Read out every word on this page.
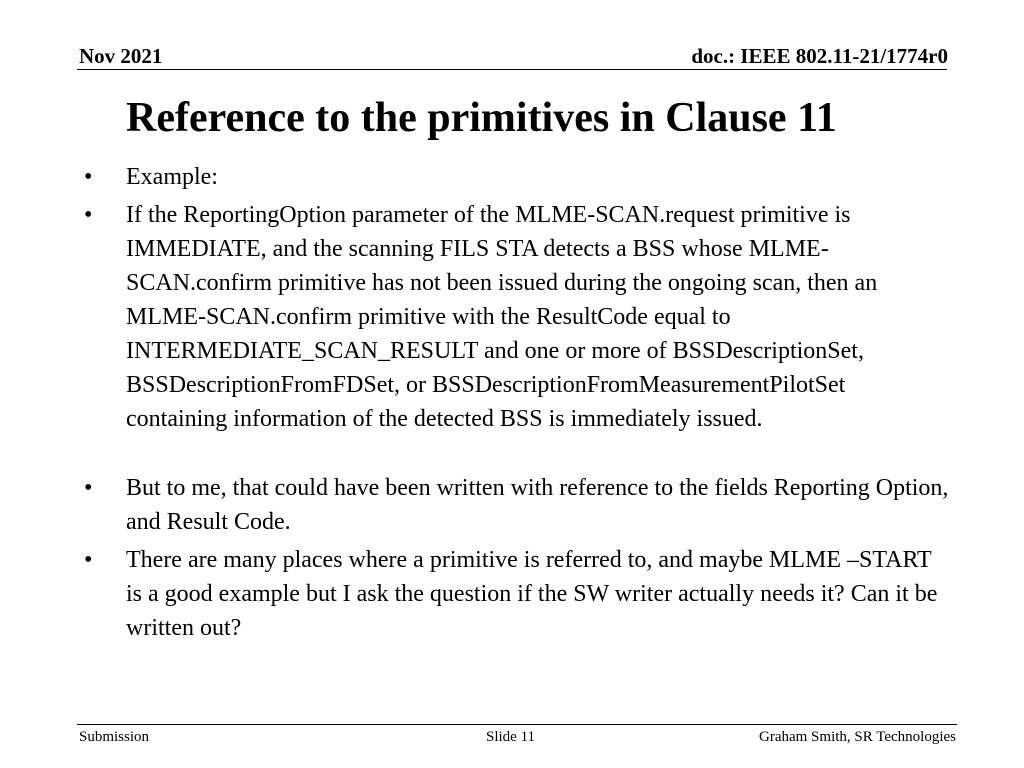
Nov 2021	doc.: IEEE 802.11-21/1774r0
Reference to the primitives in Clause 11
• Example:
• If the ReportingOption parameter of the MLME-SCAN.request primitive is IMMEDIATE, and the scanning FILS STA detects a BSS whose MLME-SCAN.confirm primitive has not been issued during the ongoing scan, then an MLME-SCAN.confirm primitive with the ResultCode equal to INTERMEDIATE_SCAN_RESULT and one or more of BSSDescriptionSet, BSSDescriptionFromFDSet, or BSSDescriptionFromMeasurementPilotSet containing information of the detected BSS is immediately issued.
• But to me, that could have been written with reference to the fields Reporting Option, and Result Code.
• There are many places where a primitive is referred to, and maybe MLME –START is a good example but I ask the question if the SW writer actually needs it? Can it be written out?
Submission	Slide 11	Graham Smith, SR Technologies
